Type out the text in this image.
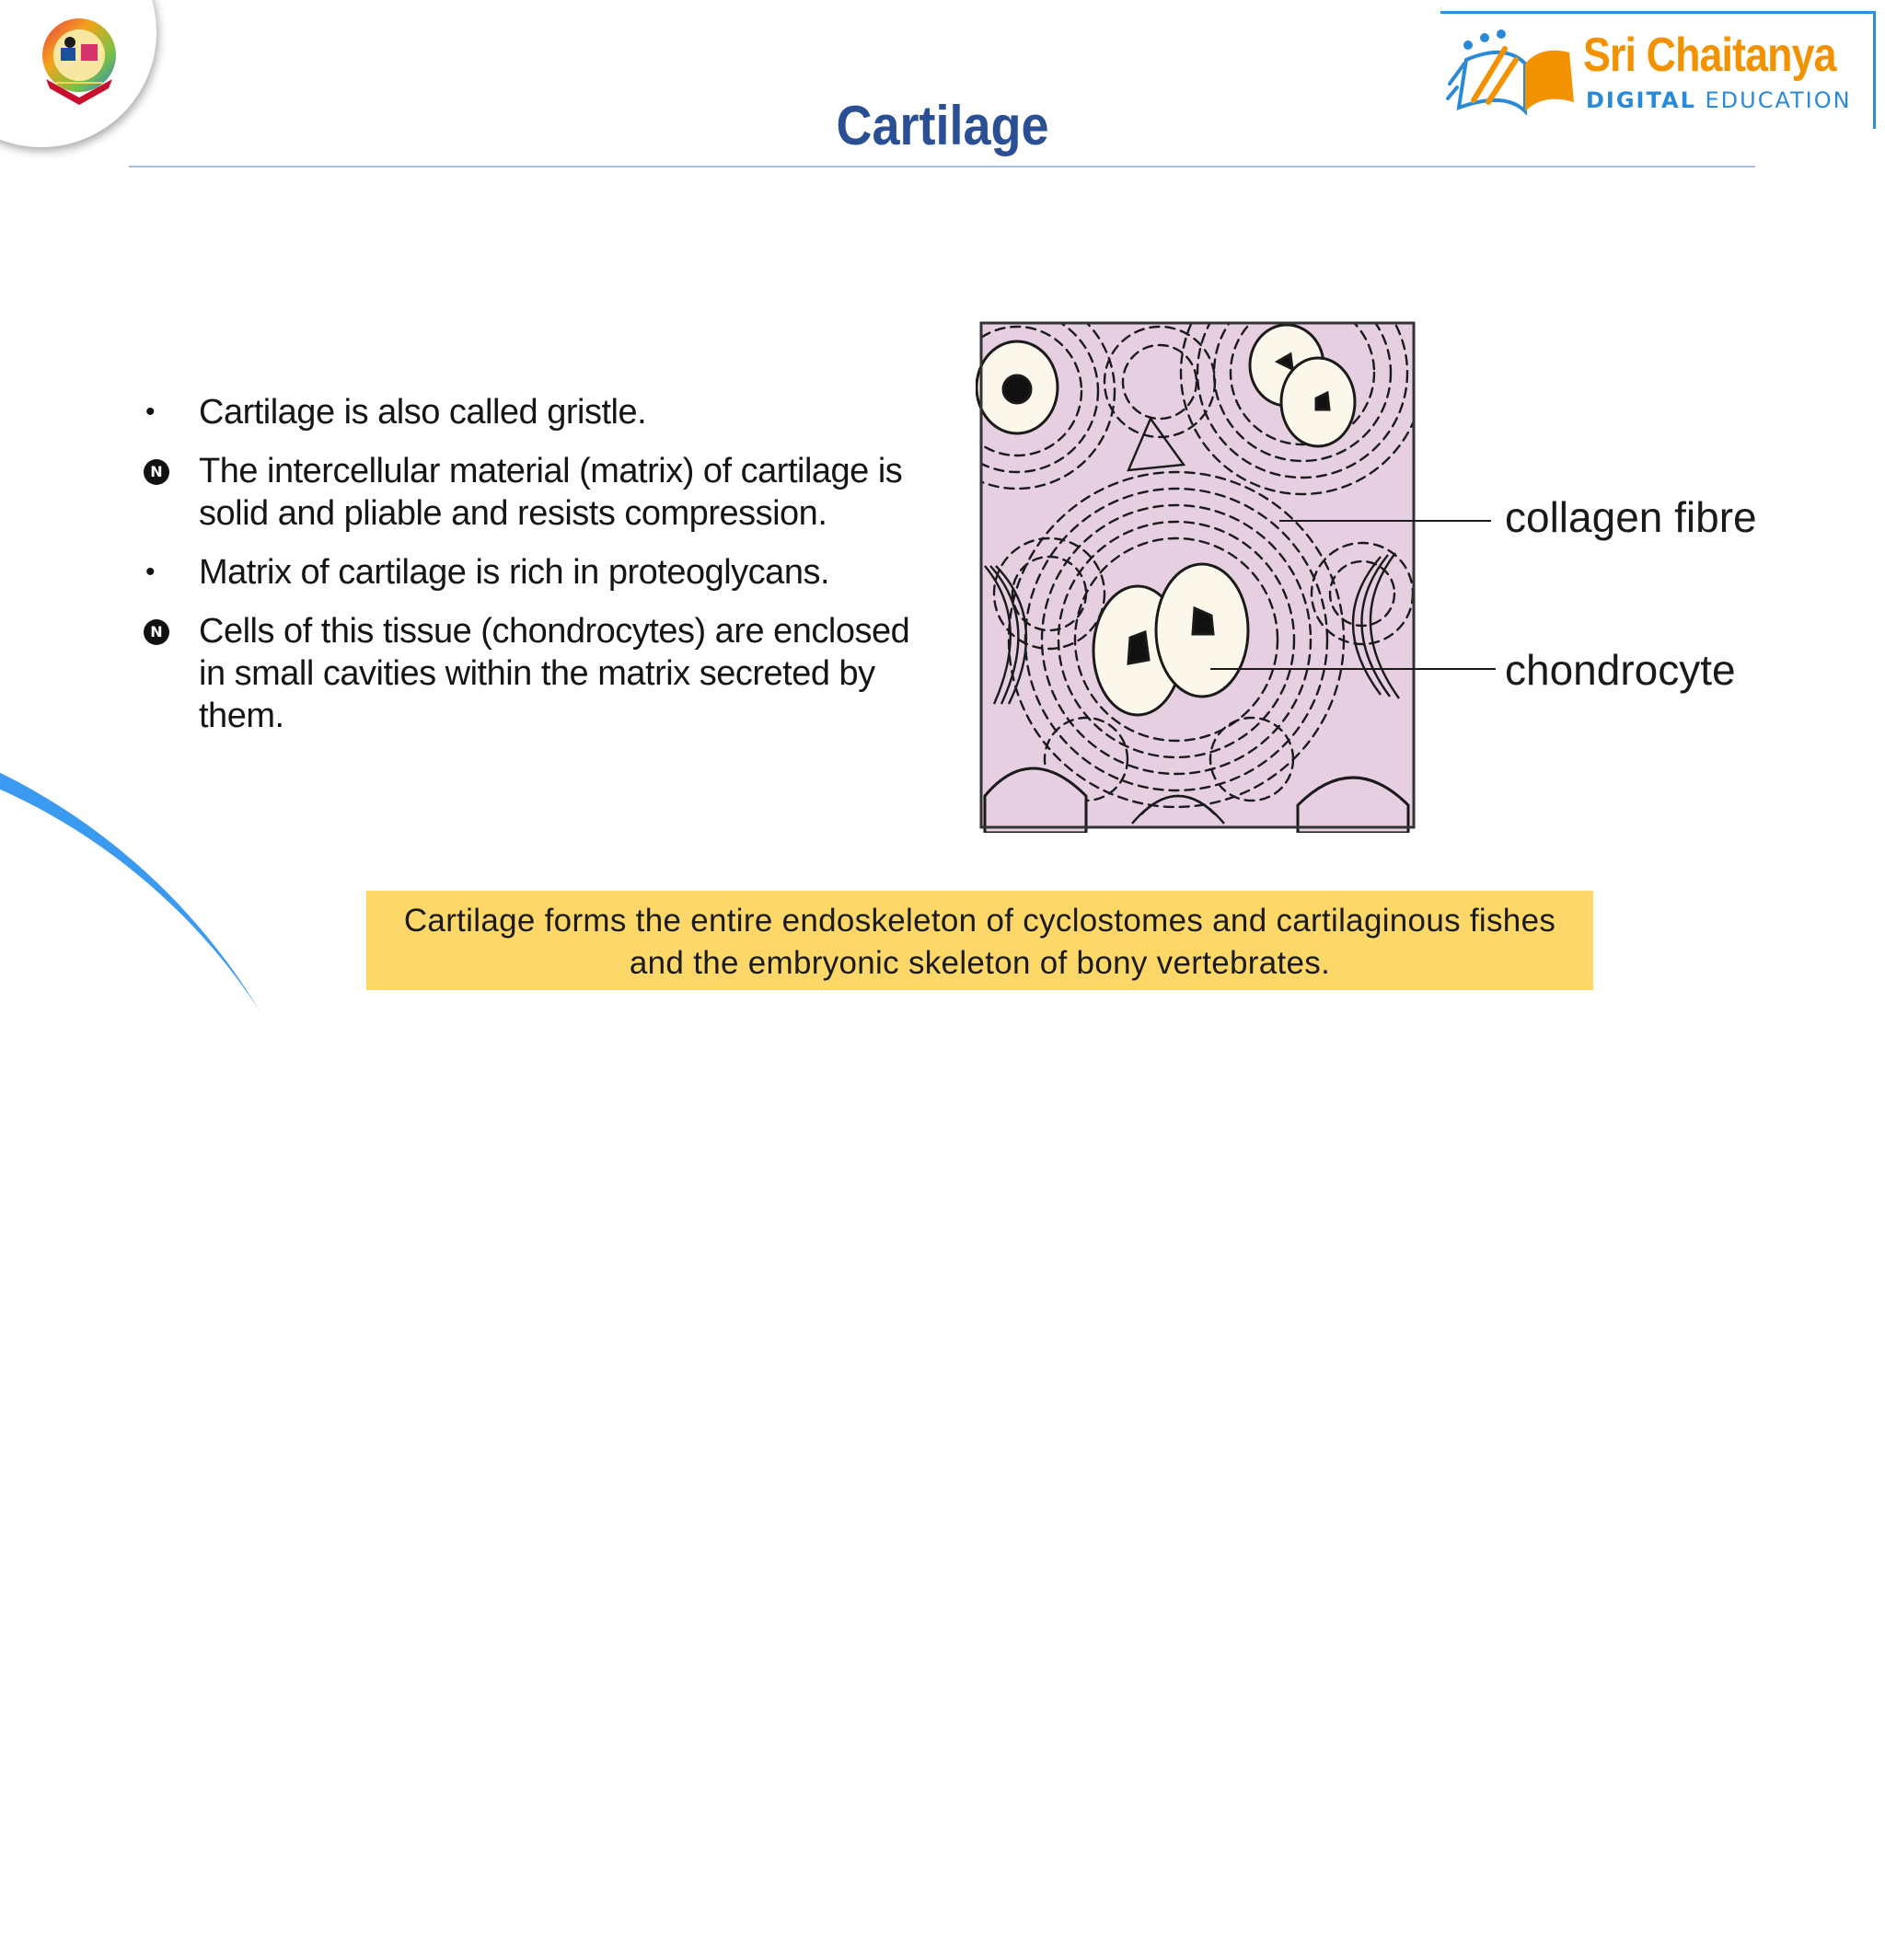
Sri Chaitanya
DIGITAL EDUCATION
Cartilage
• Cartilage is also called gristle.
N The intercellular material (matrix) of cartilage is solid and pliable and resists compression.
• Matrix of cartilage is rich in proteoglycans.
N Cells of this tissue (chondrocytes) are enclosed in small cavities within the matrix secreted by them.
collagen fibre
chondrocyte
Cartilage forms the entire endoskeleton of cyclostomes and cartilaginous fishes
and the embryonic skeleton of bony vertebrates.
